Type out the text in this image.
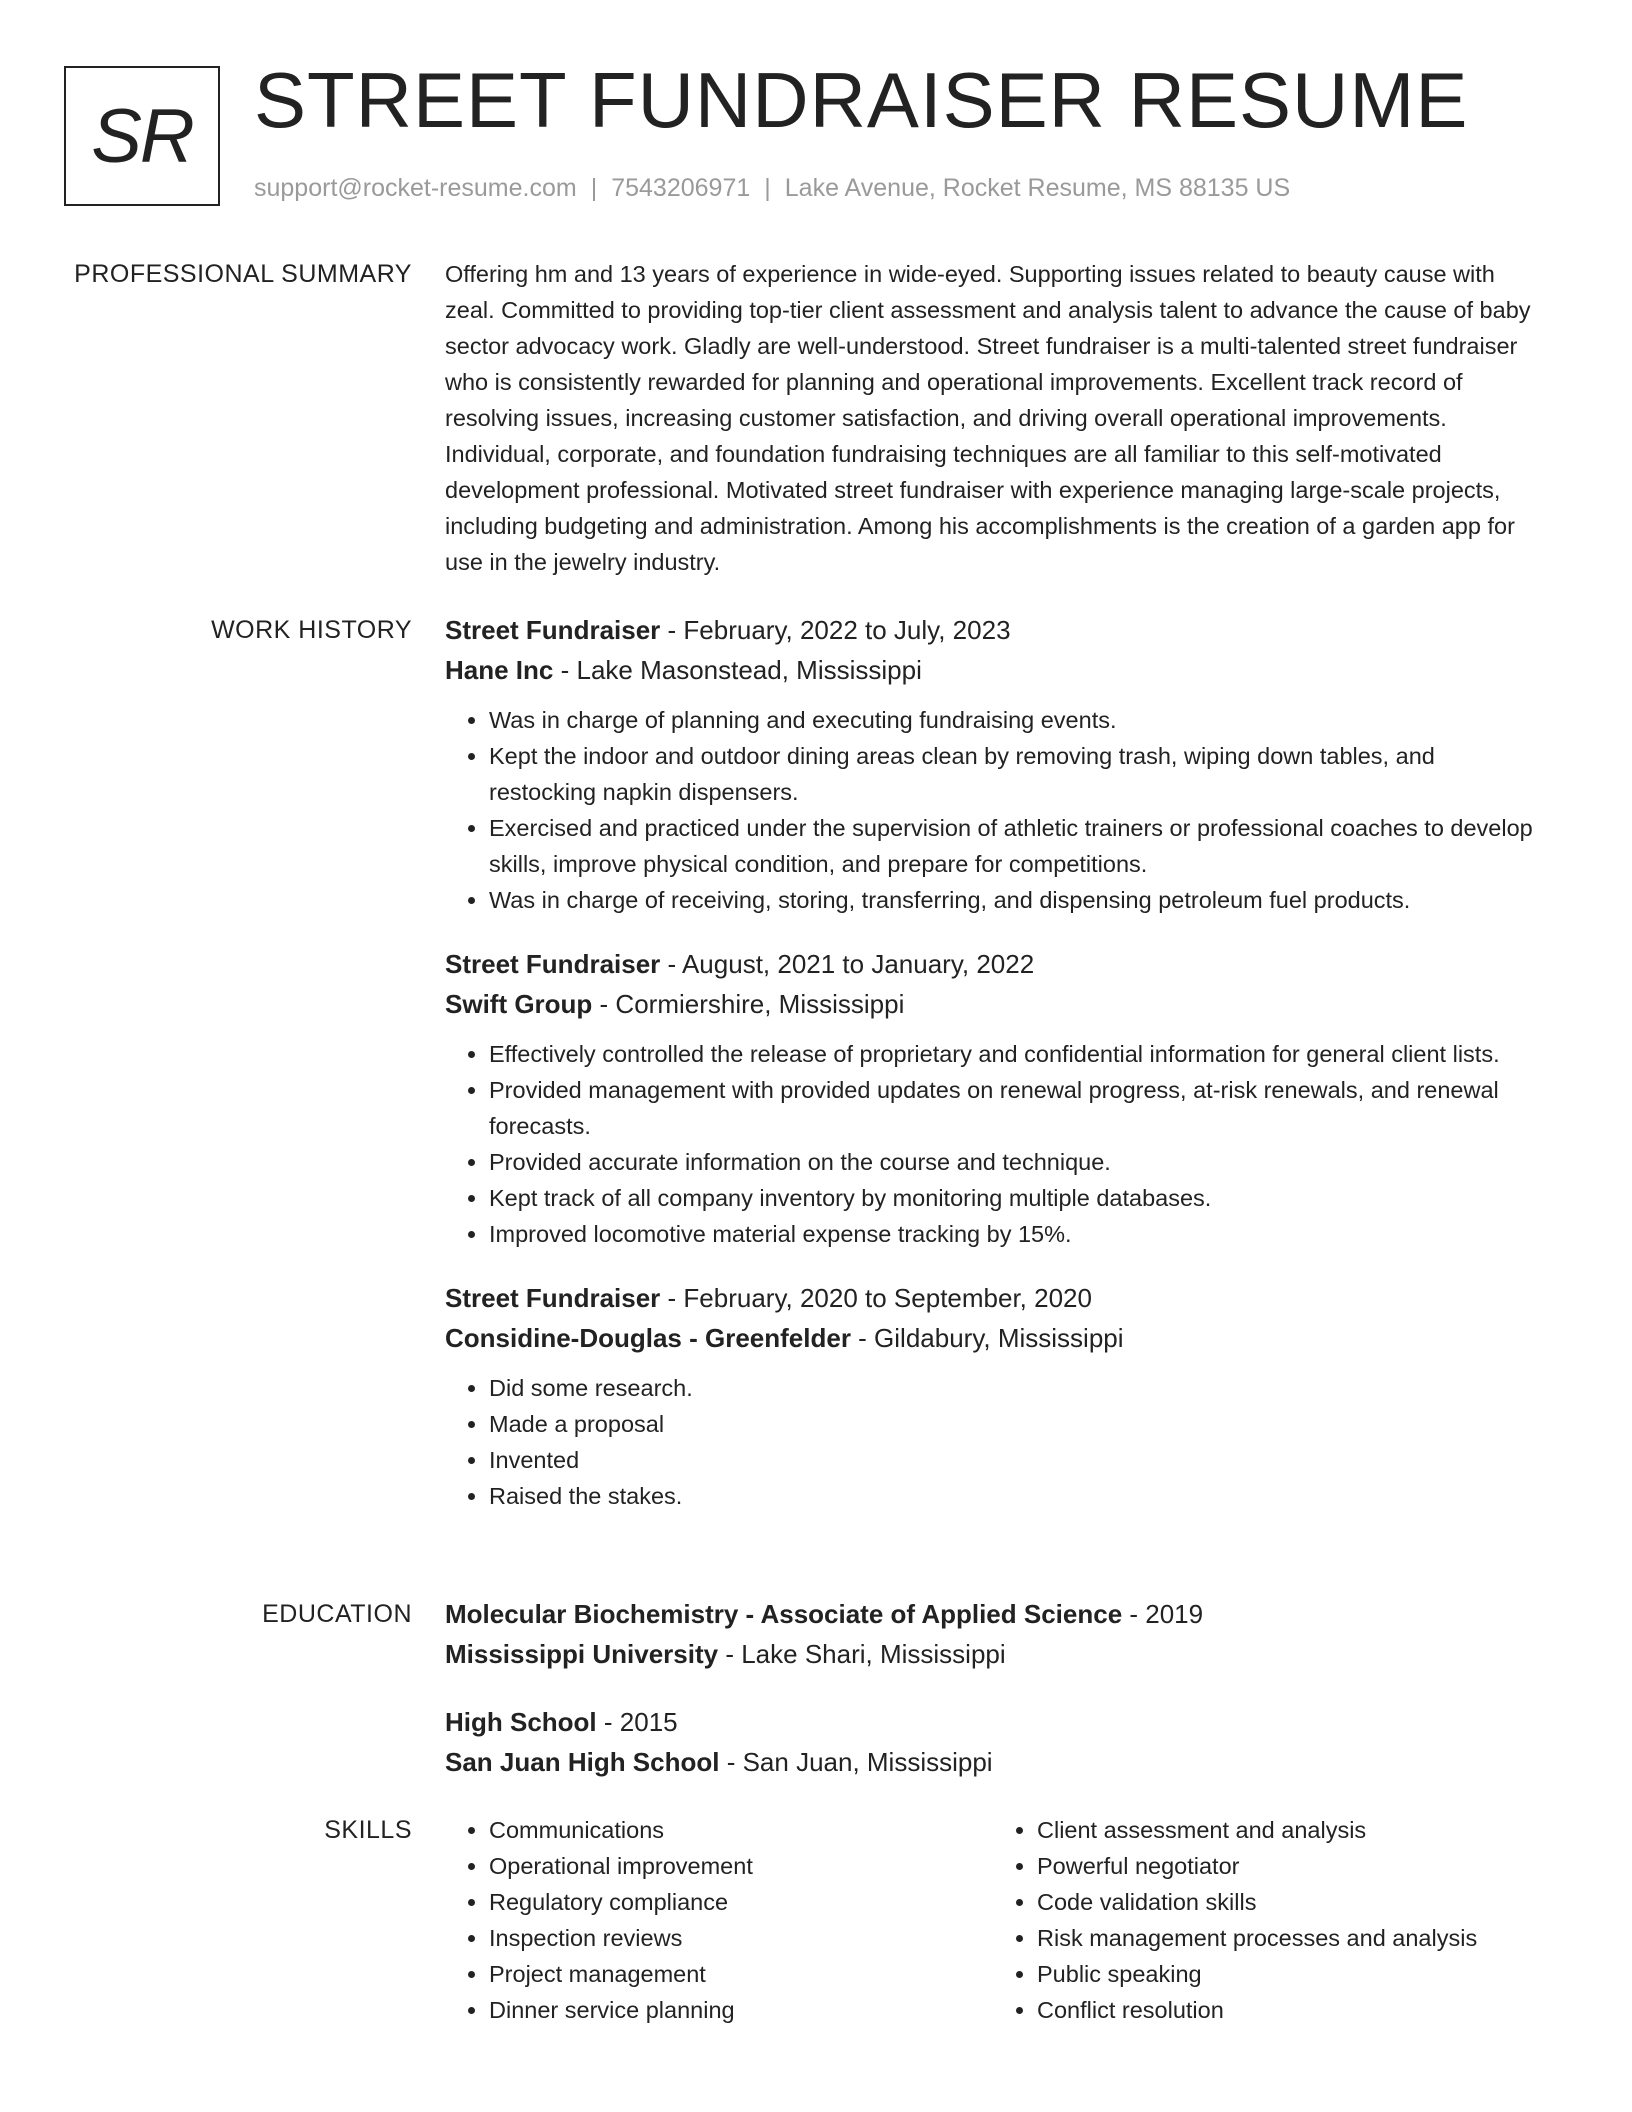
SR STREET FUNDRAISER RESUME
support@rocket-resume.com | 7543206971 | Lake Avenue, Rocket Resume, MS 88135 US
PROFESSIONAL SUMMARY Offering hm and 13 years of experience in wide-eyed. Supporting issues related to beauty cause with zeal. Committed to providing top-tier client assessment and analysis talent to advance the cause of baby sector advocacy work. Gladly are well-understood. Street fundraiser is a multi-talented street fundraiser who is consistently rewarded for planning and operational improvements. Excellent track record of resolving issues, increasing customer satisfaction, and driving overall operational improvements. Individual, corporate, and foundation fundraising techniques are all familiar to this self-motivated development professional. Motivated street fundraiser with experience managing large-scale projects, including budgeting and administration. Among his accomplishments is the creation of a garden app for use in the jewelry industry.

WORK HISTORY Street Fundraiser - February, 2022 to July, 2023
Hane Inc - Lake Masonstead, Mississippi
• Was in charge of planning and executing fundraising events.
• Kept the indoor and outdoor dining areas clean by removing trash, wiping down tables, and restocking napkin dispensers.
• Exercised and practiced under the supervision of athletic trainers or professional coaches to develop skills, improve physical condition, and prepare for competitions.
• Was in charge of receiving, storing, transferring, and dispensing petroleum fuel products.
Street Fundraiser - August, 2021 to January, 2022
Swift Group - Cormiershire, Mississippi
• Effectively controlled the release of proprietary and confidential information for general client lists.
• Provided management with provided updates on renewal progress, at-risk renewals, and renewal forecasts.
• Provided accurate information on the course and technique.
• Kept track of all company inventory by monitoring multiple databases.
• Improved locomotive material expense tracking by 15%.
Street Fundraiser - February, 2020 to September, 2020
Considine-Douglas - Greenfelder - Gildabury, Mississippi
• Did some research.
• Made a proposal
• Invented
• Raised the stakes.
EDUCATION Molecular Biochemistry - Associate of Applied Science - 2019
Mississippi University - Lake Shari, Mississippi
High School - 2015
San Juan High School - San Juan, Mississippi
SKILLS
•	Communications
• Operational improvement
• Regulatory compliance
• Inspection reviews
• Project management
• Dinner service planning
• Client assessment and analysis
• Powerful negotiator
• Code validation skills
• Risk management processes and analysis
• Public speaking
• Conflict resolution
